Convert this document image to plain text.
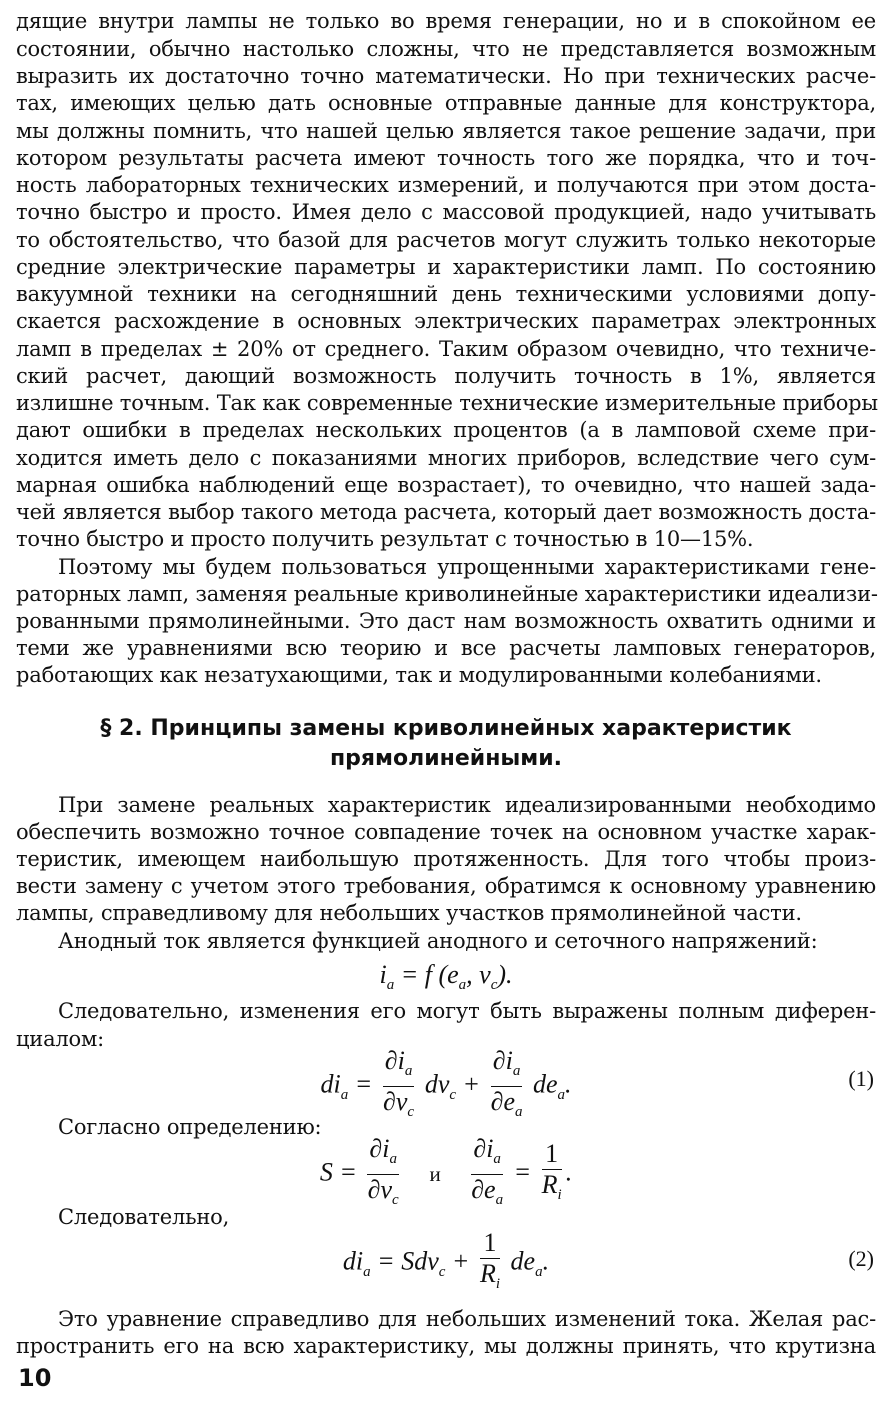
дящие внутри лампы не только во время генерации, но и в спокойном ее
состоянии, обычно настолько сложны, что не представляется возможным
выразить их достаточно точно математически. Но при технических расче-
тах, имеющих целью дать основные отправные данные для конструктора,
мы должны помнить, что нашей целью является такое решение задачи, при
котором результаты расчета имеют точность того же порядка, что и точ-
ность лабораторных технических измерений, и получаются при этом доста-
точно быстро и просто. Имея дело с массовой продукцией, надо учитывать
то обстоятельство, что базой для расчетов могут служить только некоторые
средние электрические параметры и характеристики ламп. По состоянию
вакуумной техники на сегодняшний день техническими условиями допу-
скается расхождение в основных электрических параметрах электронных
ламп в пределах ± 20% от среднего. Таким образом очевидно, что техниче-
ский расчет, дающий возможность получить точность в 1%, является
излишне точным. Так как современные технические измерительные приборы
дают ошибки в пределах нескольких процентов (а в ламповой схеме при-
ходится иметь дело с показаниями многих приборов, вследствие чего сум-
марная ошибка наблюдений еще возрастает), то очевидно, что нашей зада-
чей является выбор такого метода расчета, который дает возможность доста-
точно быстро и просто получить результат с точностью в 10—15%.
Поэтому мы будем пользоваться упрощенными характеристиками гене-
раторных ламп, заменяя реальные криволинейные характеристики идеализи-
рованными прямолинейными. Это даст нам возможность охватить одними и
теми же уравнениями всю теорию и все расчеты ламповых генераторов,
работающих как незатухающими, так и модулированными колебаниями.
§ 2. Принципы замены криволинейных характеристик
прямолинейными.
При замене реальных характеристик идеализированными необходимо
обеспечить возможно точное совпадение точек на основном участке харак-
теристик, имеющем наибольшую протяженность. Для того чтобы произ-
вести замену с учетом этого требования, обратимся к основному уравнению
лампы, справедливому для небольших участков прямолинейной части.
Анодный ток является функцией анодного и сеточного напряжений:
$i_a = f$ ($e_a$, $v_c$).
Следовательно, изменения его могут быть выражены полным диферен-
циалом:
$di_a = \frac{\partial i_a}{\partial v_c} dv_c + \frac{\partial i_a}{\partial e_a} de_a$.	(1)
Согласно определению:
$S = \frac{\partial i_a}{\partial v_c}$ и $\frac{\partial i_a}{\partial e_a} = \frac{1}{R_i}$ .
Следовательно,
$di_a = Sdv_c + \frac{1}{R_i} de_a$.	(2)
Это уравнение справедливо для небольших изменений тока. Желая рас-
пространить его на всю характеристику, мы должны принять, что крутизна
10
